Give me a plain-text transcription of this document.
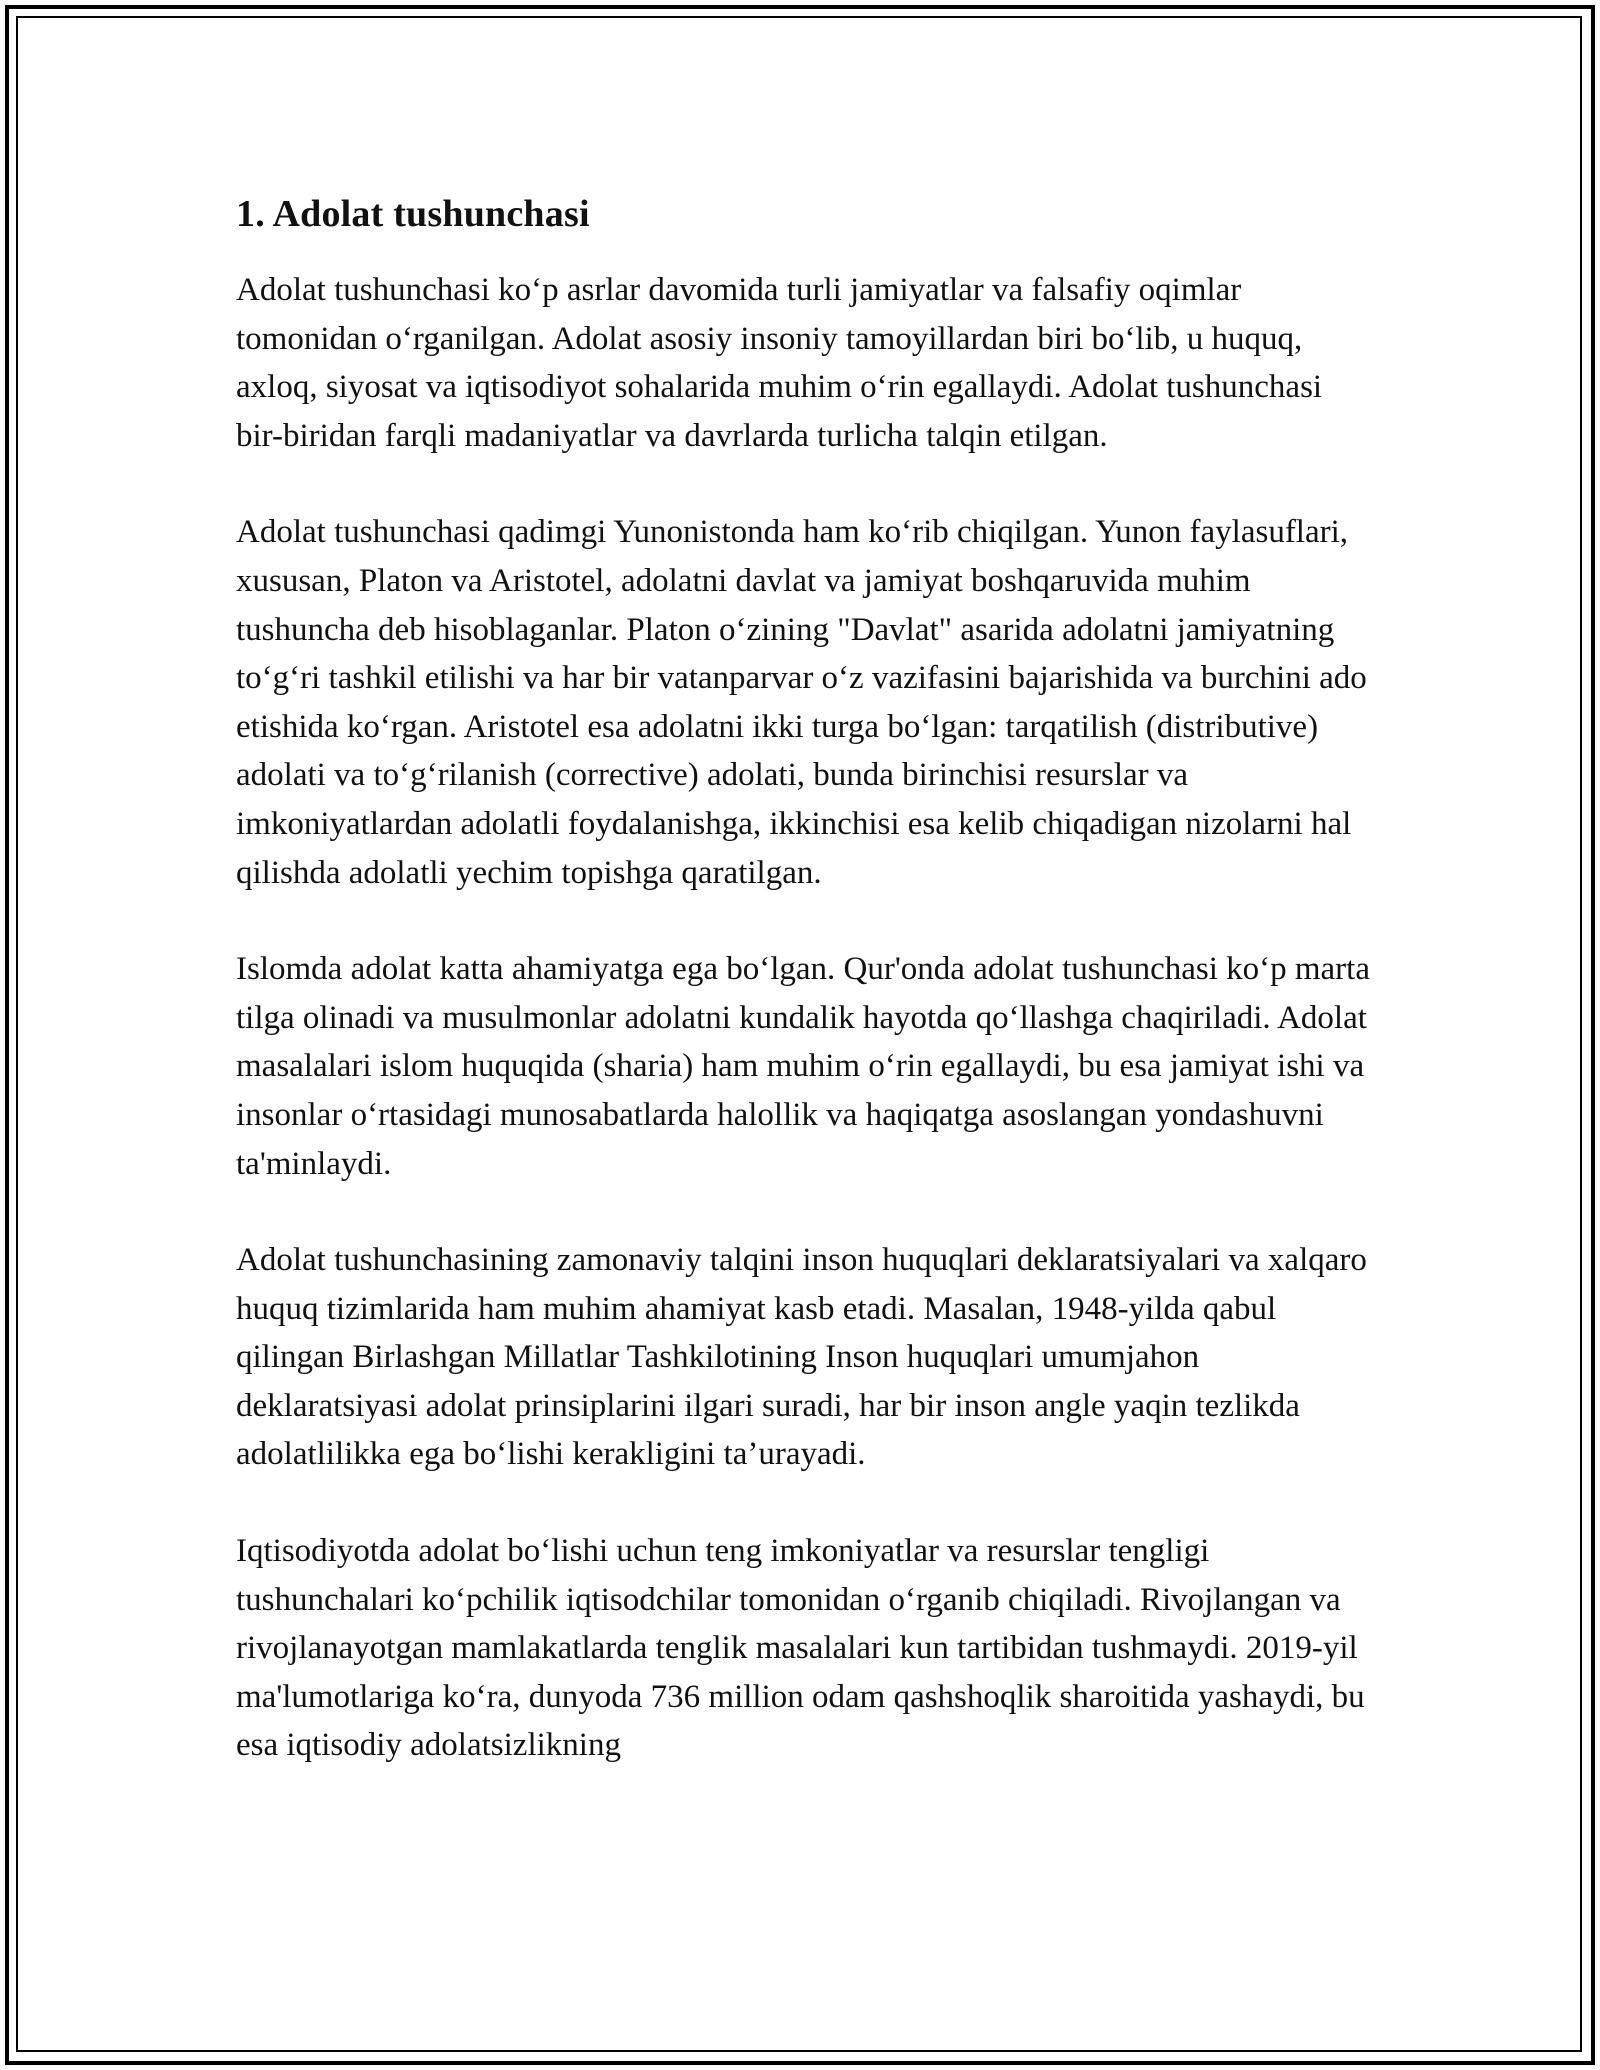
1. Adolat tushunchasi

Adolat tushunchasi koʻp asrlar davomida turli jamiyatlar va falsafiy oqimlar tomonidan oʻrganilgan. Adolat asosiy insoniy tamoyillardan biri boʻlib, u huquq, axloq, siyosat va iqtisodiyot sohalarida muhim oʻrin egallaydi. Adolat tushunchasi bir-biridan farqli madaniyatlar va davrlarda turlicha talqin etilgan.

Adolat tushunchasi qadimgi Yunonistonda ham koʻrib chiqilgan. Yunon faylasuflari, xususan, Platon va Aristotel, adolatni davlat va jamiyat boshqaruvida muhim tushuncha deb hisoblaganlar. Platon oʻzining "Davlat" asarida adolatni jamiyatning toʻgʻri tashkil etilishi va har bir vatanparvar oʻz vazifasini bajarishida va burchini ado etishida koʻrgan. Aristotel esa adolatni ikki turga boʻlgan: tarqatilish (distributive) adolati va toʻgʻrilanish (corrective) adolati, bunda birinchisi resurslar va imkoniyatlardan adolatli foydalanishga, ikkinchisi esa kelib chiqadigan nizolarni hal qilishda adolatli yechim topishga qaratilgan.

Islomda adolat katta ahamiyatga ega boʻlgan. Qur'onda adolat tushunchasi koʻp marta tilga olinadi va musulmonlar adolatni kundalik hayotda qoʻllashga chaqiriladi. Adolat masalalari islom huquqida (sharia) ham muhim oʻrin egallaydi, bu esa jamiyat ishi va insonlar oʻrtasidagi munosabatlarda halollik va haqiqatga asoslangan yondashuvni ta'minlaydi.

Adolat tushunchasining zamonaviy talqini inson huquqlari deklaratsiyalari va xalqaro huquq tizimlarida ham muhim ahamiyat kasb etadi. Masalan, 1948-yilda qabul qilingan Birlashgan Millatlar Tashkilotining Inson huquqlari umumjahon deklaratsiyasi adolat prinsiplarini ilgari suradi, har bir inson angle yaqin tezlikda adolatlilikka ega boʻlishi kerakligini ta’urayadi.

Iqtisodiyotda adolat boʻlishi uchun teng imkoniyatlar va resurslar tengligi tushunchalari koʻpchilik iqtisodchilar tomonidan oʻrganib chiqiladi. Rivojlangan va rivojlanayotgan mamlakatlarda tenglik masalalari kun tartibidan tushmaydi. 2019-yil ma'lumotlariga koʻra, dunyoda 736 million odam qashshoqlik sharoitida yashaydi, bu esa iqtisodiy adolatsizlikning
